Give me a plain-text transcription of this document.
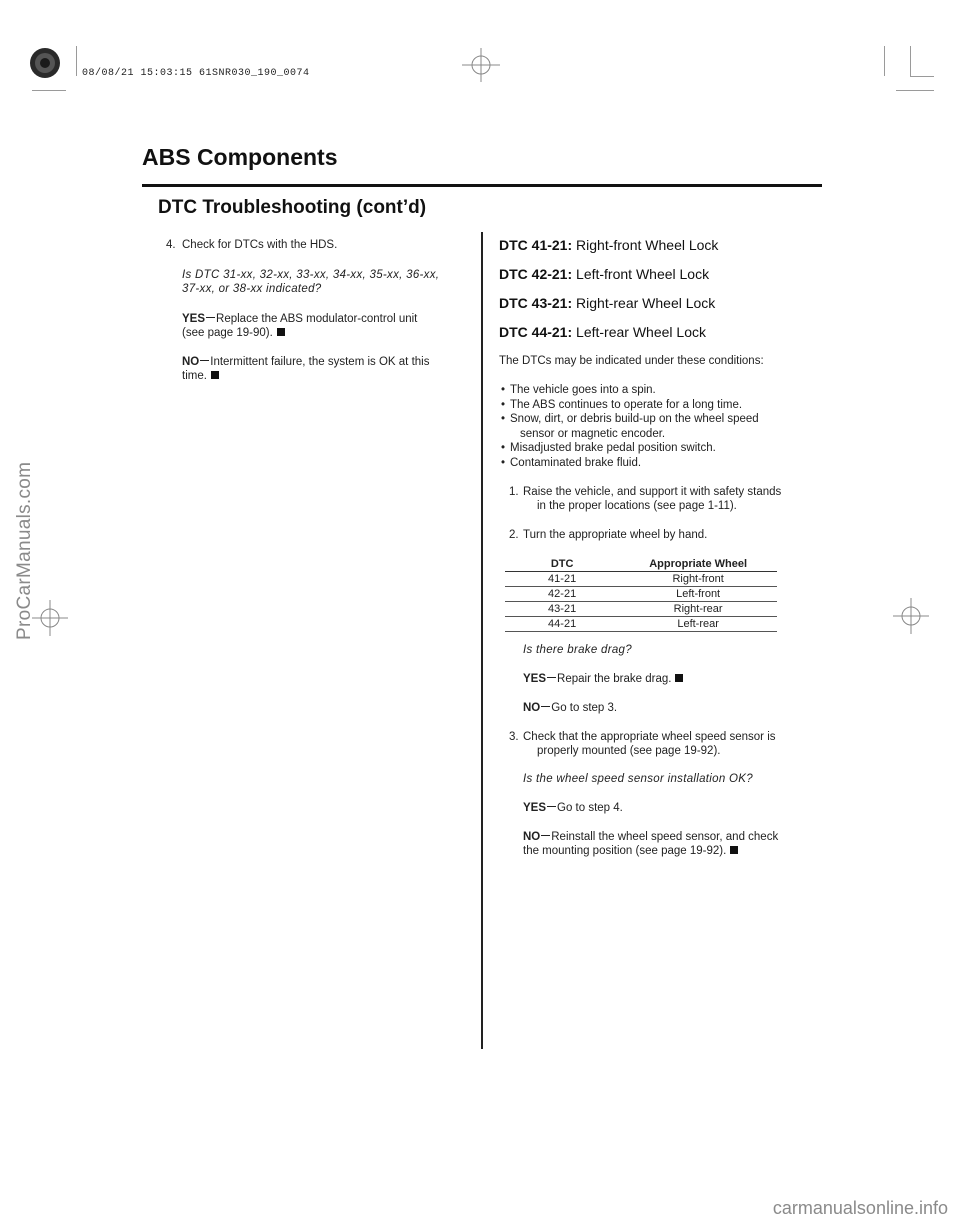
08/08/21 15:03:15 61SNR030_190_0074
ABS Components
DTC Troubleshooting (cont’d)
4. Check for DTCs with the HDS.
Is DTC 31-xx, 32-xx, 33-xx, 34-xx, 35-xx, 36-xx,
37-xx, or 38-xx indicated?
YES Replace the ABS modulator-control unit
(see page 19-90).
NO Intermittent failure, the system is OK at this
time.
DTC 41-21: Right-front Wheel Lock
DTC 42-21: Left-front Wheel Lock
DTC 43-21: Right-rear Wheel Lock
DTC 44-21: Left-rear Wheel Lock
The DTCs may be indicated under these conditions:
• The vehicle goes into a spin.
• The ABS continues to operate for a long time.
• Snow, dirt, or debris build-up on the wheel speed
sensor or magnetic encoder.
• Misadjusted brake pedal position switch.
• Contaminated brake fluid.
1. Raise the vehicle, and support it with safety stands
in the proper locations (see page 1-11).
2. Turn the appropriate wheel by hand.
DTC	Appropriate Wheel
41-21	Right-front
42-21	Left-front
43-21	Right-rear
44-21	Left-rear
Is there brake drag?
YES Repair the brake drag.
NO Go to step 3.
3. Check that the appropriate wheel speed sensor is
properly mounted (see page 19-92).
Is the wheel speed sensor installation OK?
YES Go to step 4.
NO Reinstall the wheel speed sensor, and check
the mounting position (see page 19-92).
ProCarManuals.com
carmanualsonline.info
